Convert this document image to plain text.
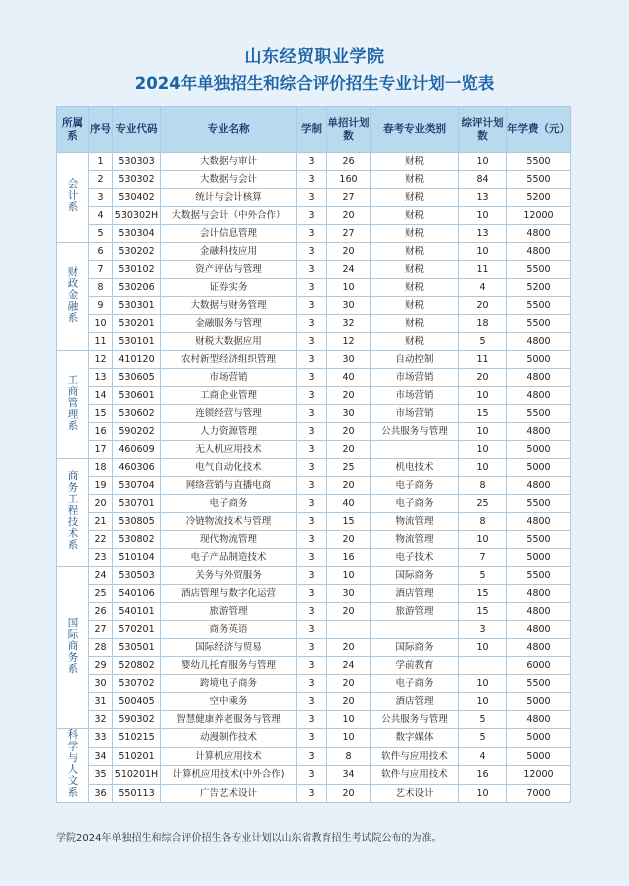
山东经贸职业学院
2024年单独招生和综合评价招生专业计划一览表
所属系	序号	专业代码	专业名称	学制	单招计划数	春考专业类别	综评计划数	年学费（元）
会计系	1	530303	大数据与审计	3	26	财税	10	5500
	2	530302	大数据与会计	3	160	财税	84	5500
	3	530402	统计与会计核算	3	27	财税	13	5200
	4	530302H	大数据与会计（中外合作）	3	20	财税	10	12000
	5	530304	会计信息管理	3	27	财税	13	4800
财政金融系	6	530202	金融科技应用	3	20	财税	10	4800
	7	530102	资产评估与管理	3	24	财税	11	5500
	8	530206	证券实务	3	10	财税	4	5200
	9	530301	大数据与财务管理	3	30	财税	20	5500
	10	530201	金融服务与管理	3	32	财税	18	5500
	11	530101	财税大数据应用	3	12	财税	5	4800
工商管理系	12	410120	农村新型经济组织管理	3	30	自动控制	11	5000
	13	530605	市场营销	3	40	市场营销	20	4800
	14	530601	工商企业管理	3	20	市场营销	10	4800
	15	530602	连锁经营与管理	3	30	市场营销	15	5500
	16	590202	人力资源管理	3	20	公共服务与管理	10	4800
	17	460609	无人机应用技术	3	20		10	5000
商务工程技术系	18	460306	电气自动化技术	3	25	机电技术	10	5000
	19	530704	网络营销与直播电商	3	20	电子商务	8	4800
	20	530701	电子商务	3	40	电子商务	25	5500
	21	530805	冷链物流技术与管理	3	15	物流管理	8	4800
	22	530802	现代物流管理	3	20	物流管理	10	5500
	23	510104	电子产品制造技术	3	16	电子技术	7	5000
国际商务系	24	530503	关务与外贸服务	3	10	国际商务	5	5500
	25	540106	酒店管理与数字化运营	3	30	酒店管理	15	4800
	26	540101	旅游管理	3	20	旅游管理	15	4800
	27	570201	商务英语	3			3	4800
	28	530501	国际经济与贸易	3	20	国际商务	10	4800
	29	520802	婴幼儿托育服务与管理	3	24	学前教育		6000
	30	530702	跨境电子商务	3	20	电子商务	10	5500
	31	500405	空中乘务	3	20	酒店管理	10	5000
	32	590302	智慧健康养老服务与管理	3	10	公共服务与管理	5	4800
科学与人文系	33	510215	动漫制作技术	3	10	数字媒体	5	5000
	34	510201	计算机应用技术	3	8	软件与应用技术	4	5000
	35	510201H	计算机应用技术(中外合作)	3	34	软件与应用技术	16	12000
	36	550113	广告艺术设计	3	20	艺术设计	10	7000
学院2024年单独招生和综合评价招生各专业计划以山东省教育招生考试院公布的为准。
